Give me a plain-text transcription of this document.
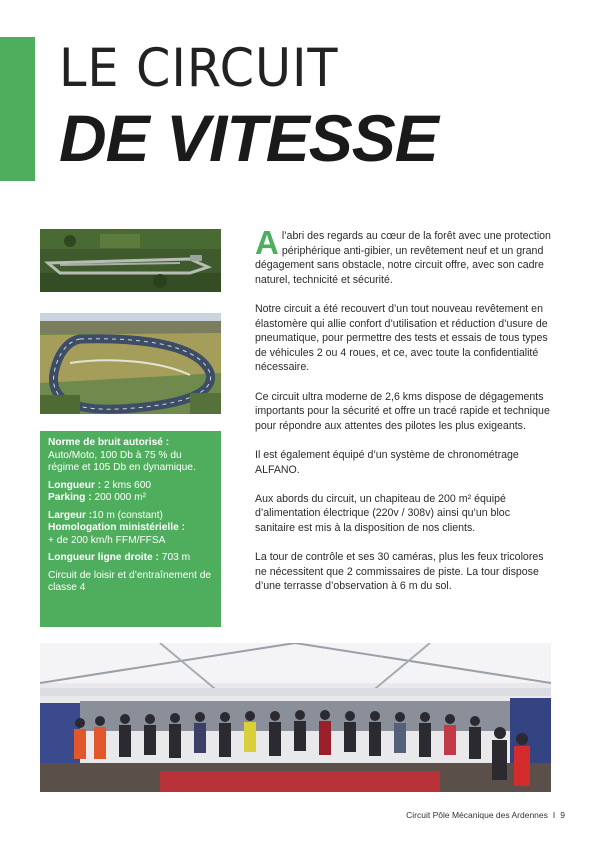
LE CIRCUIT
DE VITESSE
Norme de bruit autorisé :
Auto/Moto, 100 Db à 75 % du régime et 105 Db en dynamique.
Longueur : 2 kms 600
Parking : 200 000 m²
Largeur :10 m (constant)
Homologation ministérielle :
+ de 200 km/h FFM/FFSA
Longueur ligne droite : 703 m
Circuit de loisir et d’entraînement de classe 4

A l’abri des regards au cœur de la forêt avec une protection périphérique anti-gibier, un revêtement neuf et un grand dégagement sans obstacle, notre circuit offre, avec son cadre naturel, technicité et sécurité.

Notre circuit a été recouvert d’un tout nouveau revêtement en élastomère qui allie confort d’utilisation et réduction d’usure de pneumatique, pour permettre des tests et essais de tous types de véhicules 2 ou 4 roues, et ce, avec toute la confidentialité nécessaire.

Ce circuit ultra moderne de 2,6 kms dispose de dégagements importants pour la sécurité et offre un tracé rapide et technique pour répondre aux attentes des pilotes les plus exigeants.

Il est également équipé d’un système de chronométrage ALFANO.

Aux abords du circuit, un chapiteau de 200 m² équipé d’alimentation électrique (220v / 308v) ainsi qu’un bloc sanitaire est mis à la disposition de nos clients.

La tour de contrôle et ses 30 caméras, plus les feux tricolores ne nécessitent que 2 commissaires de piste. La tour dispose d’une terrasse d’observation à 6 m du sol.

Circuit Pôle Mécanique des Ardennes I 9
